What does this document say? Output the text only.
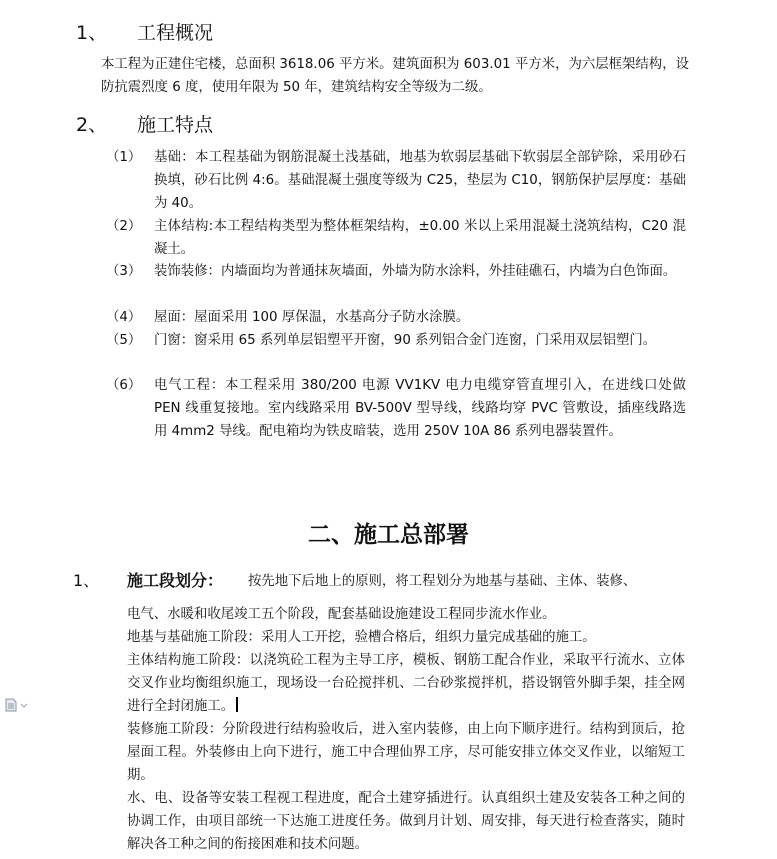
1、 工程概况
本工程为正建住宅楼，总面积 3618.06 平方米。建筑面积为 603.01 平方米，为六层框架结构，设防抗震烈度 6 度，使用年限为 50 年，建筑结构安全等级为二级。
2、 施工特点
（1） 基础：本工程基础为钢筋混凝土浅基础，地基为软弱层基础下软弱层全部铲除，采用砂石换填，砂石比例 4:6。基础混凝土强度等级为 C25，垫层为 C10，钢筋保护层厚度：基础为 40。
（2） 主体结构:本工程结构类型为整体框架结构，±0.00 米以上采用混凝土浇筑结构，C20 混凝土。
（3） 装饰装修：内墙面均为普通抹灰墙面，外墙为防水涂料，外挂硅礁石，内墙为白色饰面。
（4） 屋面：屋面采用 100 厚保温，水基高分子防水涂膜。
（5） 门窗：窗采用 65 系列单层铝塑平开窗，90 系列铝合金门连窗，门采用双层铝塑门。
（6） 电气工程：本工程采用 380/200 电源 VV1KV 电力电缆穿管直埋引入，在进线口处做 PEN 线重复接地。室内线路采用 BV-500V 型导线，线路均穿 PVC 管敷设，插座线路选用 4mm2 导线。配电箱均为铁皮暗装，选用 250V 10A 86 系列电器装置件。
二、施工总部署
1、 施工段划分： 按先地下后地上的原则，将工程划分为地基与基础、主体、装修、
电气、水暖和收尾竣工五个阶段，配套基础设施建设工程同步流水作业。
地基与基础施工阶段：采用人工开挖，验槽合格后，组织力量完成基础的施工。
主体结构施工阶段：以浇筑砼工程为主导工序，模板、钢筋工配合作业，采取平行流水、立体交叉作业均衡组织施工，现场设一台砼搅拌机、二台砂浆搅拌机，搭设钢管外脚手架，挂全网进行全封闭施工。
装修施工阶段：分阶段进行结构验收后，进入室内装修，由上向下顺序进行。结构到顶后，抢屋面工程。外装修由上向下进行，施工中合理仙界工序，尽可能安排立体交叉作业，以缩短工期。
水、电、设备等安装工程视工程进度，配合土建穿插进行。认真组织土建及安装各工种之间的协调工作，由项目部统一下达施工进度任务。做到月计划、周安排，每天进行检查落实，随时解决各工种之间的衔接困难和技术问题。
